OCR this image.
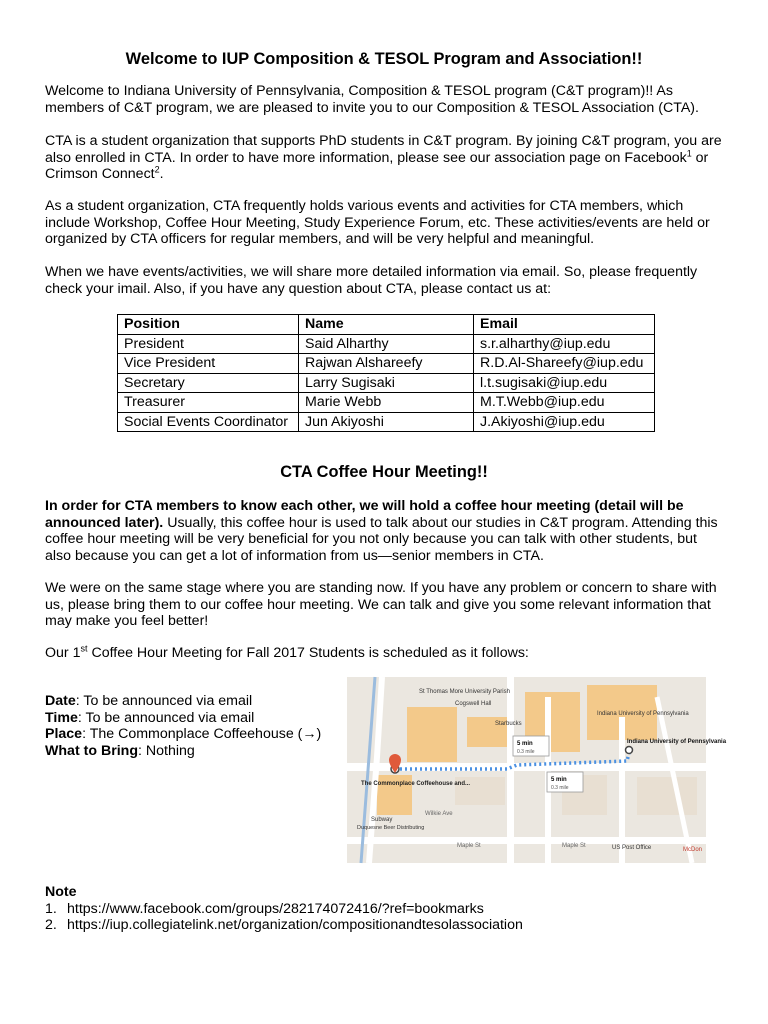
Welcome to IUP Composition & TESOL Program and Association!!

Welcome to Indiana University of Pennsylvania, Composition & TESOL program (C&T program)!! As members of C&T program, we are pleased to invite you to our Composition & TESOL Association (CTA).

CTA is a student organization that supports PhD students in C&T program. By joining C&T program, you are also enrolled in CTA. In order to have more information, please see our association page on Facebook$^1$ or Crimson Connect$^2$.

As a student organization, CTA frequently holds various events and activities for CTA members, which include Workshop, Coffee Hour Meeting, Study Experience Forum, etc. These activities/events are held or organized by CTA officers for regular members, and will be very helpful and meaningful.

When we have events/activities, we will share more detailed information via email. So, please frequently check your imail. Also, if you have any question about CTA, please contact us at:

Position	Name	Email
President	Said Alharthy	s.r.alharthy@iup.edu
Vice President	Rajwan Alshareefy	R.D.Al-Shareefy@iup.edu
Secretary	Larry Sugisaki	l.t.sugisaki@iup.edu
Treasurer	Marie Webb	M.T.Webb@iup.edu
Social Events Coordinator	Jun Akiyoshi	J.Akiyoshi@iup.edu
CTA Coffee Hour Meeting!!

In order for CTA members to know each other, we will hold a coffee hour meeting (detail will be announced later). Usually, this coffee hour is used to talk about our studies in C&T program. Attending this coffee hour meeting will be very beneficial for you not only because you can talk with other students, but also because you can get a lot of information from us—senior members in CTA.

We were on the same stage where you are standing now. If you have any problem or concern to share with us, please bring them to our coffee hour meeting. We can talk and give you some relevant information that may make you feel better!

Our 1st Coffee Hour Meeting for Fall 2017 Students is scheduled as it follows:

Date: To be announced via email
Time: To be announced via email
Place: The Commonplace Coffeehouse (→)
What to Bring: Nothing
St Thomas More University Parish
Cogswell Hall
Starbucks
Indiana University of Pennsylvania
Indiana University of Pennsylvania
5 min
0.3 mile
5 min
0.3 mile
The Commonplace Coffeehouse and...
Subway
Duquesne Beer Distributing
Wilkie Ave
Maple St	Maple St	US Post Office	McDon
Note
1. https://www.facebook.com/groups/282174072416/?ref=bookmarks
2. https://iup.collegiatelink.net/organization/compositionandtesolassociation
